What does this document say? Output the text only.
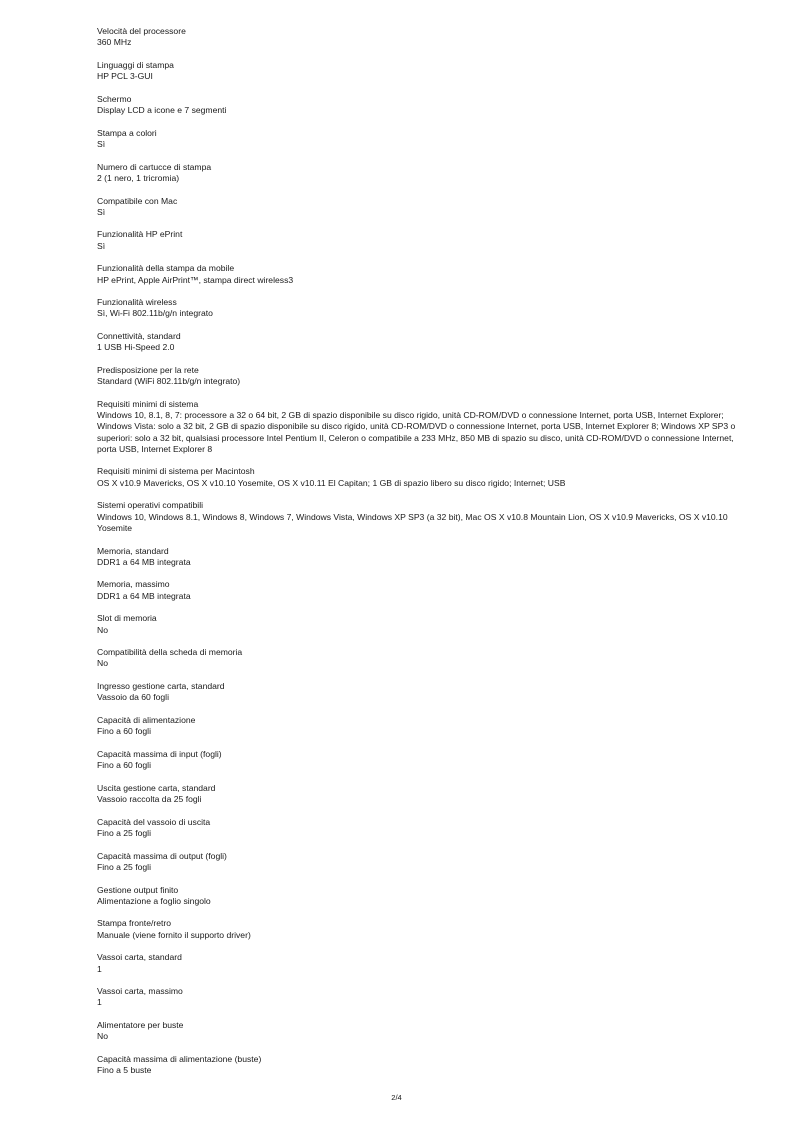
Velocità del processore
360 MHz
Linguaggi di stampa
HP PCL 3-GUI
Schermo
Display LCD a icone e 7 segmenti
Stampa a colori
Sì
Numero di cartucce di stampa
2 (1 nero, 1 tricromia)
Compatibile con Mac
Sì
Funzionalità HP ePrint
Sì
Funzionalità della stampa da mobile
HP ePrint, Apple AirPrint™, stampa direct wireless3
Funzionalità wireless
Sì, Wi-Fi 802.11b/g/n integrato
Connettività, standard
1 USB Hi-Speed 2.0
Predisposizione per la rete
Standard (WiFi 802.11b/g/n integrato)
Requisiti minimi di sistema
Windows 10, 8.1, 8, 7: processore a 32 o 64 bit, 2 GB di spazio disponibile su disco rigido, unità CD-ROM/DVD o connessione Internet, porta USB, Internet Explorer; Windows Vista: solo a 32 bit, 2 GB di spazio disponibile su disco rigido, unità CD-ROM/DVD o connessione Internet, porta USB, Internet Explorer 8; Windows XP SP3 o superiori: solo a 32 bit, qualsiasi processore Intel Pentium II, Celeron o compatibile a 233 MHz, 850 MB di spazio su disco, unità CD-ROM/DVD o connessione Internet, porta USB, Internet Explorer 8
Requisiti minimi di sistema per Macintosh
OS X v10.9 Mavericks, OS X v10.10 Yosemite, OS X v10.11 El Capitan; 1 GB di spazio libero su disco rigido; Internet; USB
Sistemi operativi compatibili
Windows 10, Windows 8.1, Windows 8, Windows 7, Windows Vista, Windows XP SP3 (a 32 bit), Mac OS X v10.8 Mountain Lion, OS X v10.9 Mavericks, OS X v10.10 Yosemite
Memoria, standard
DDR1 a 64 MB integrata
Memoria, massimo
DDR1 a 64 MB integrata
Slot di memoria
No
Compatibilità della scheda di memoria
No
Ingresso gestione carta, standard
Vassoio da 60 fogli
Capacità di alimentazione
Fino a 60 fogli
Capacità massima di input (fogli)
Fino a 60 fogli
Uscita gestione carta, standard
Vassoio raccolta da 25 fogli
Capacità del vassoio di uscita
Fino a 25 fogli
Capacità massima di output (fogli)
Fino a 25 fogli
Gestione output finito
Alimentazione a foglio singolo
Stampa fronte/retro
Manuale (viene fornito il supporto driver)
Vassoi carta, standard
1
Vassoi carta, massimo
1
Alimentatore per buste
No
Capacità massima di alimentazione (buste)
Fino a 5 buste
2/4
